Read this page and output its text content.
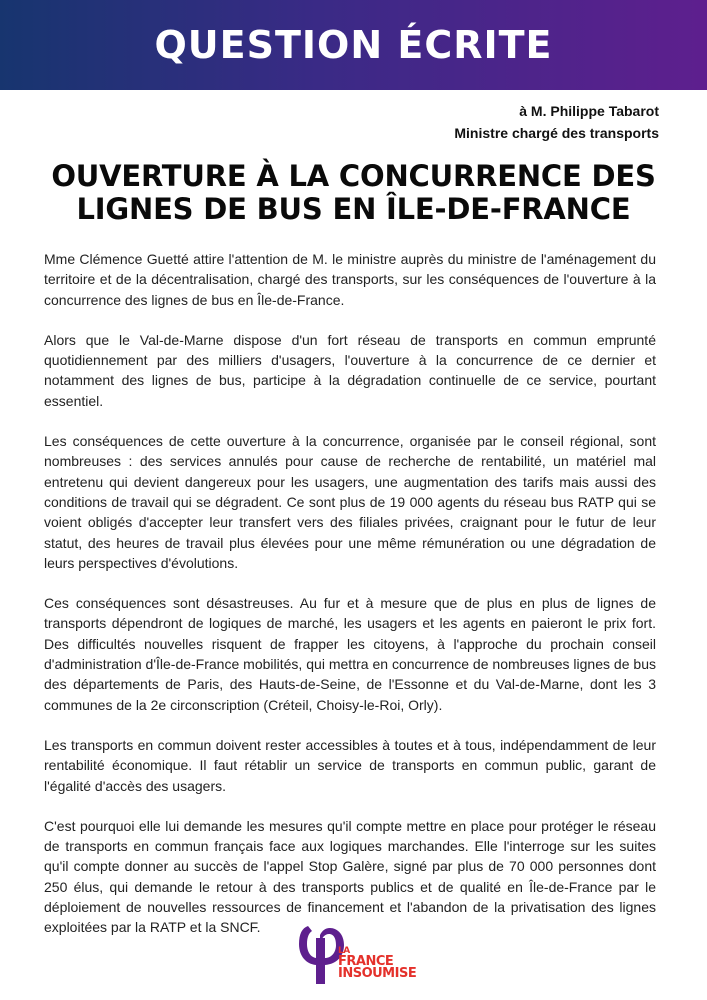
QUESTION ÉCRITE
à M. Philippe Tabarot
Ministre chargé des transports
OUVERTURE À LA CONCURRENCE DES
LIGNES DE BUS EN ÎLE-DE-FRANCE

Mme Clémence Guetté attire l'attention de M. le ministre auprès du ministre de l'aménagement du territoire et de la décentralisation, chargé des transports, sur les conséquences de l'ouverture à la concurrence des lignes de bus en Île-de-France.

Alors que le Val-de-Marne dispose d'un fort réseau de transports en commun emprunté quotidiennement par des milliers d'usagers, l'ouverture à la concurrence de ce dernier et notamment des lignes de bus, participe à la dégradation continuelle de ce service, pourtant essentiel.

Les conséquences de cette ouverture à la concurrence, organisée par le conseil régional, sont nombreuses : des services annulés pour cause de recherche de rentabilité, un matériel mal entretenu qui devient dangereux pour les usagers, une augmentation des tarifs mais aussi des conditions de travail qui se dégradent. Ce sont plus de 19 000 agents du réseau bus RATP qui se voient obligés d'accepter leur transfert vers des filiales privées, craignant pour le futur de leur statut, des heures de travail plus élevées pour une même rémunération ou une dégradation de leurs perspectives d'évolutions.

Ces conséquences sont désastreuses. Au fur et à mesure que de plus en plus de lignes de transports dépendront de logiques de marché, les usagers et les agents en paieront le prix fort. Des difficultés nouvelles risquent de frapper les citoyens, à l'approche du prochain conseil d'administration d'Île-de-France mobilités, qui mettra en concurrence de nombreuses lignes de bus des départements de Paris, des Hauts-de-Seine, de l'Essonne et du Val-de-Marne, dont les 3 communes de la 2e circonscription (Créteil, Choisy-le-Roi, Orly).

Les transports en commun doivent rester accessibles à toutes et à tous, indépendamment de leur rentabilité économique. Il faut rétablir un service de transports en commun public, garant de l'égalité d'accès des usagers.

C'est pourquoi elle lui demande les mesures qu'il compte mettre en place pour protéger le réseau de transports en commun français face aux logiques marchandes. Elle l'interroge sur les suites qu'il compte donner au succès de l'appel Stop Galère, signé par plus de 70 000 personnes dont 250 élus, qui demande le retour à des transports publics et de qualité en Île-de-France par le déploiement de nouvelles ressources de financement et l'abandon de la privatisation des lignes exploitées par la RATP et la SNCF.

LA
FRANCE
INSOUMISE
